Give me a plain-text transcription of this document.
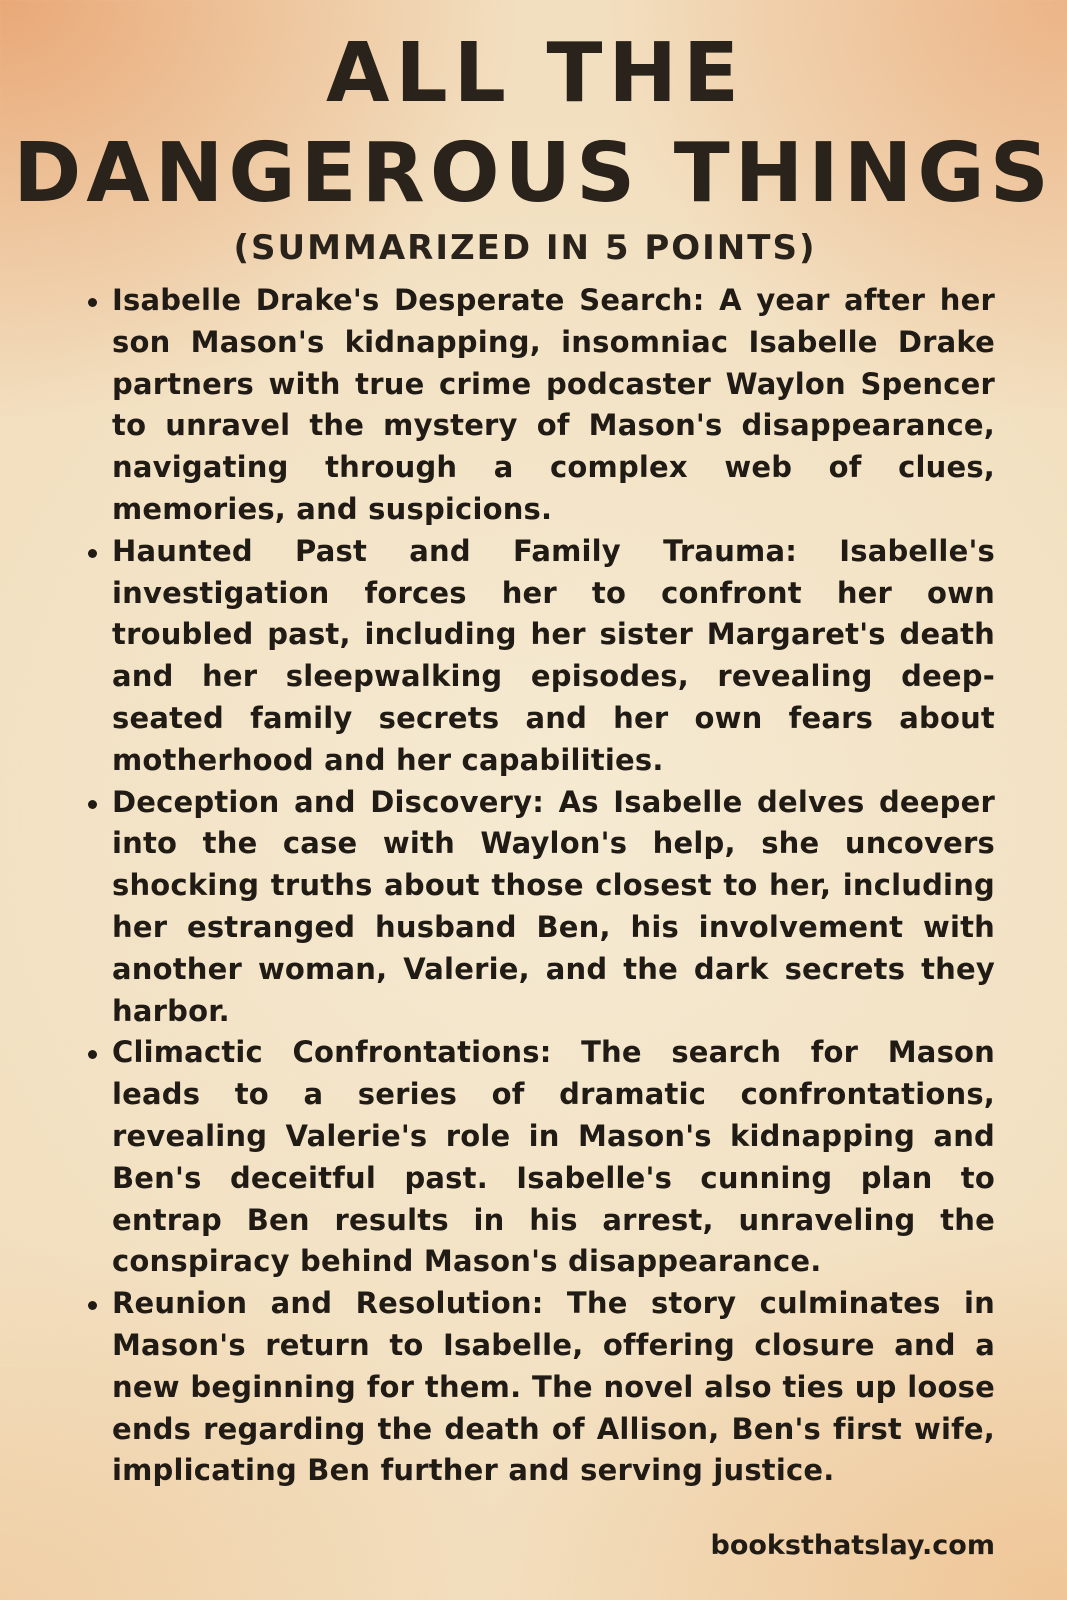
ALL THE
DANGEROUS THINGS
(SUMMARIZED IN 5 POINTS)
Isabelle Drake's Desperate Search: A year after her son Mason's kidnapping, insomniac Isabelle Drake partners with true crime podcaster Waylon Spencer to unravel the mystery of Mason's disappearance, navigating through a complex web of clues, memories, and suspicions.
Haunted Past and Family Trauma: Isabelle's investigation forces her to confront her own troubled past, including her sister Margaret's death and her sleepwalking episodes, revealing deep-seated family secrets and her own fears about motherhood and her capabilities.
Deception and Discovery: As Isabelle delves deeper into the case with Waylon's help, she uncovers shocking truths about those closest to her, including her estranged husband Ben, his involvement with another woman, Valerie, and the dark secrets they harbor.
Climactic Confrontations: The search for Mason leads to a series of dramatic confrontations, revealing Valerie's role in Mason's kidnapping and Ben's deceitful past. Isabelle's cunning plan to entrap Ben results in his arrest, unraveling the conspiracy behind Mason's disappearance.
Reunion and Resolution: The story culminates in Mason's return to Isabelle, offering closure and a new beginning for them. The novel also ties up loose ends regarding the death of Allison, Ben's first wife, implicating Ben further and serving justice.
booksthatslay.com
